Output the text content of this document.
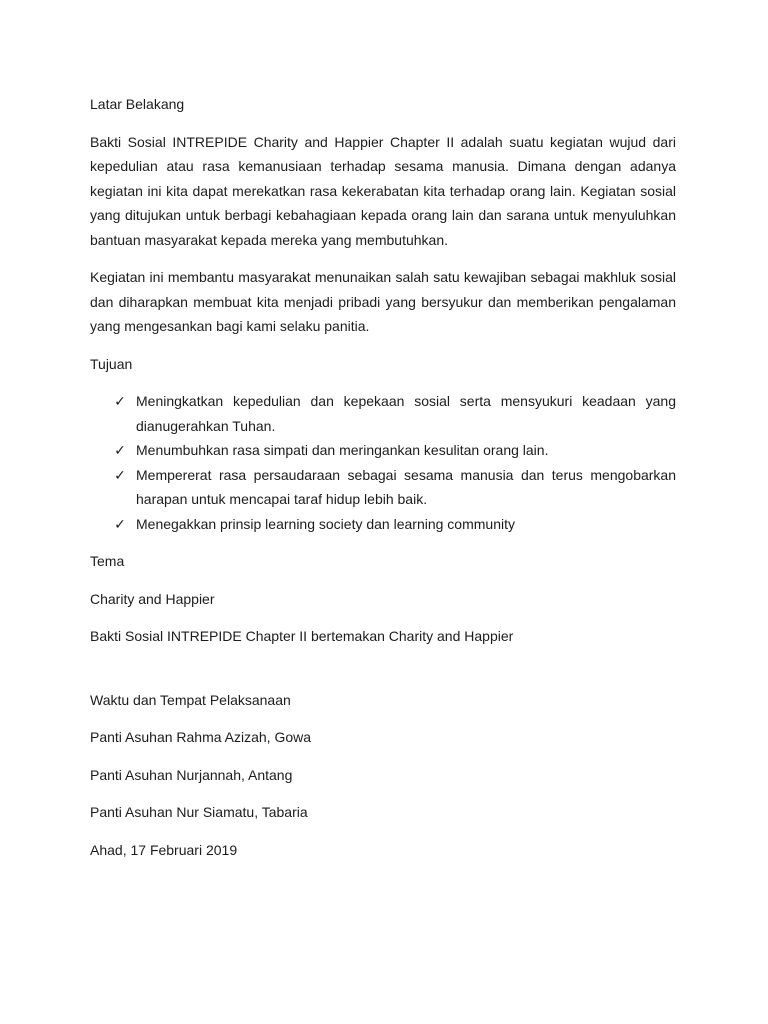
Latar Belakang
Bakti Sosial INTREPIDE Charity and Happier Chapter II adalah suatu kegiatan wujud dari kepedulian atau rasa kemanusiaan terhadap sesama manusia. Dimana dengan adanya kegiatan ini kita dapat merekatkan rasa kekerabatan kita terhadap orang lain. Kegiatan sosial yang ditujukan untuk berbagi kebahagiaan kepada orang lain dan sarana untuk menyuluhkan bantuan masyarakat kepada mereka yang membutuhkan.
Kegiatan ini membantu masyarakat menunaikan salah satu kewajiban sebagai makhluk sosial dan diharapkan membuat kita menjadi pribadi yang bersyukur dan memberikan pengalaman yang mengesankan bagi kami selaku panitia.
Tujuan
✓ Meningkatkan kepedulian dan kepekaan sosial serta mensyukuri keadaan yang dianugerahkan Tuhan.
✓ Menumbuhkan rasa simpati dan meringankan kesulitan orang lain.
✓ Mempererat rasa persaudaraan sebagai sesama manusia dan terus mengobarkan harapan untuk mencapai taraf hidup lebih baik.
✓ Menegakkan prinsip learning society dan learning community
Tema
Charity and Happier
Bakti Sosial INTREPIDE Chapter II bertemakan Charity and Happier
Waktu dan Tempat Pelaksanaan
Panti Asuhan Rahma Azizah, Gowa
Panti Asuhan Nurjannah, Antang
Panti Asuhan Nur Siamatu, Tabaria
Ahad, 17 Februari 2019
